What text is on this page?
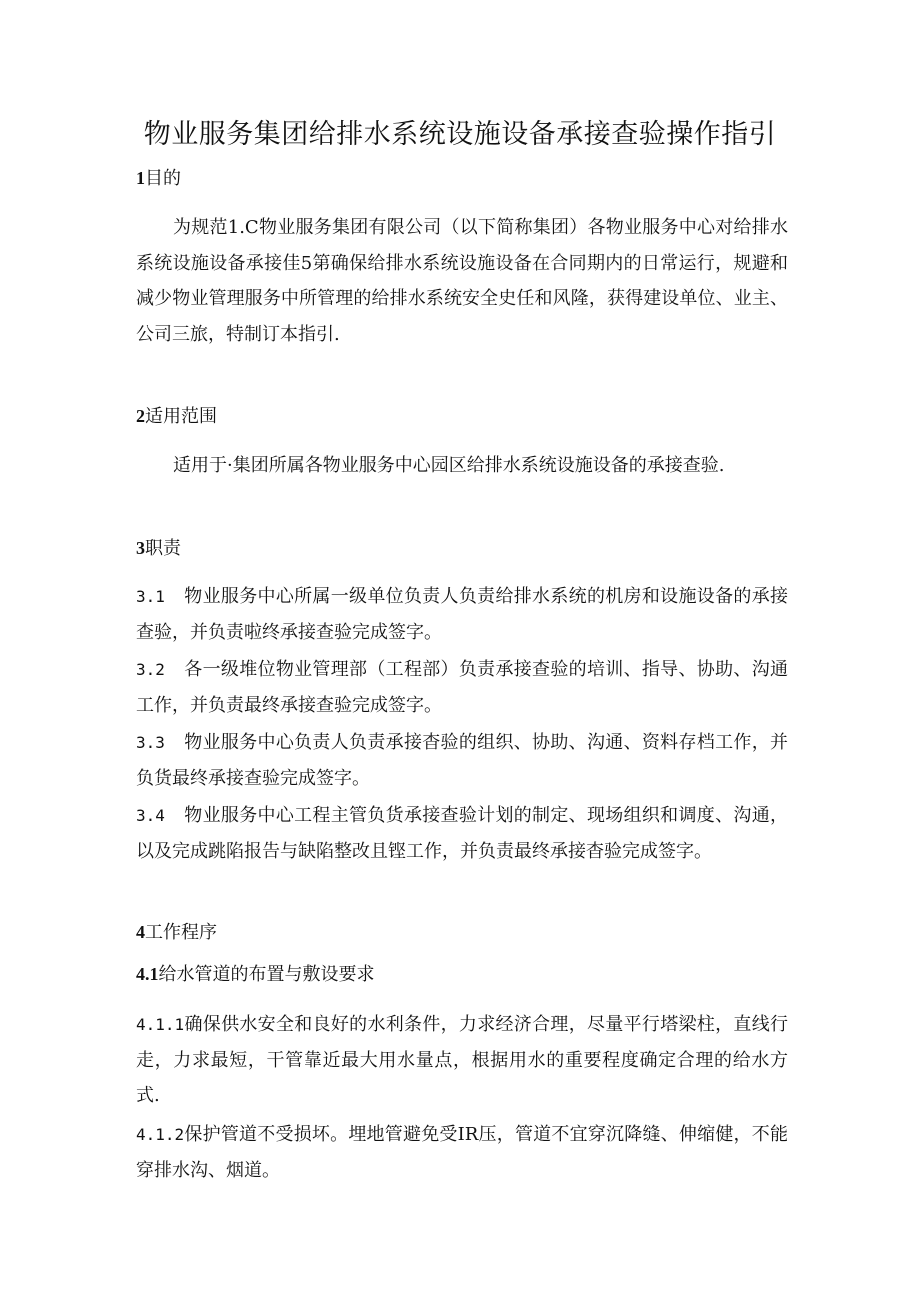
物业服务集团给排水系统设施设备承接查验操作指引
1目的
为规范1.C物业服务集团有限公司（以下简称集团）各物业服务中心对给排水系统设施设备承接佳5第确保给排水系统设施设备在合同期内的日常运行，规避和减少物业管理服务中所管理的给排水系统安全史任和风隆，获得建设单位、业主、公司三旅，特制订本指引.
2适用范围
适用于·集团所属各物业服务中心园区给排水系统设施设备的承接查验.
3职责
3.1 物业服务中心所属一级单位负责人负责给排水系统的机房和设施设备的承接查验，并负责啦终承接查验完成签字。
3.2 各一级堆位物业管理部（工程部）负责承接查验的培训、指导、协助、沟通工作，并负责最终承接查验完成签字。
3.3 物业服务中心负责人负责承接杳验的组织、协助、沟通、资料存档工作，并负货最终承接查验完成签字。
3.4 物业服务中心工程主管负货承接查验计划的制定、现场组织和调度、沟通，以及完成跳陷报告与缺陷整改且铿工作，并负责最终承接杳验完成签字。
4工作程序
4.1给水管道的布置与敷设要求
4.1.1确保供水安全和良好的水利条件，力求经济合理，尽量平行塔梁柱，直线行走，力求最短，干管靠近最大用水量点，根据用水的重要程度确定合理的给水方式.
4.1.2保护管道不受损坏。埋地管避免受IR压，管道不宜穿沉降缝、伸缩健，不能穿排水沟、烟道。
